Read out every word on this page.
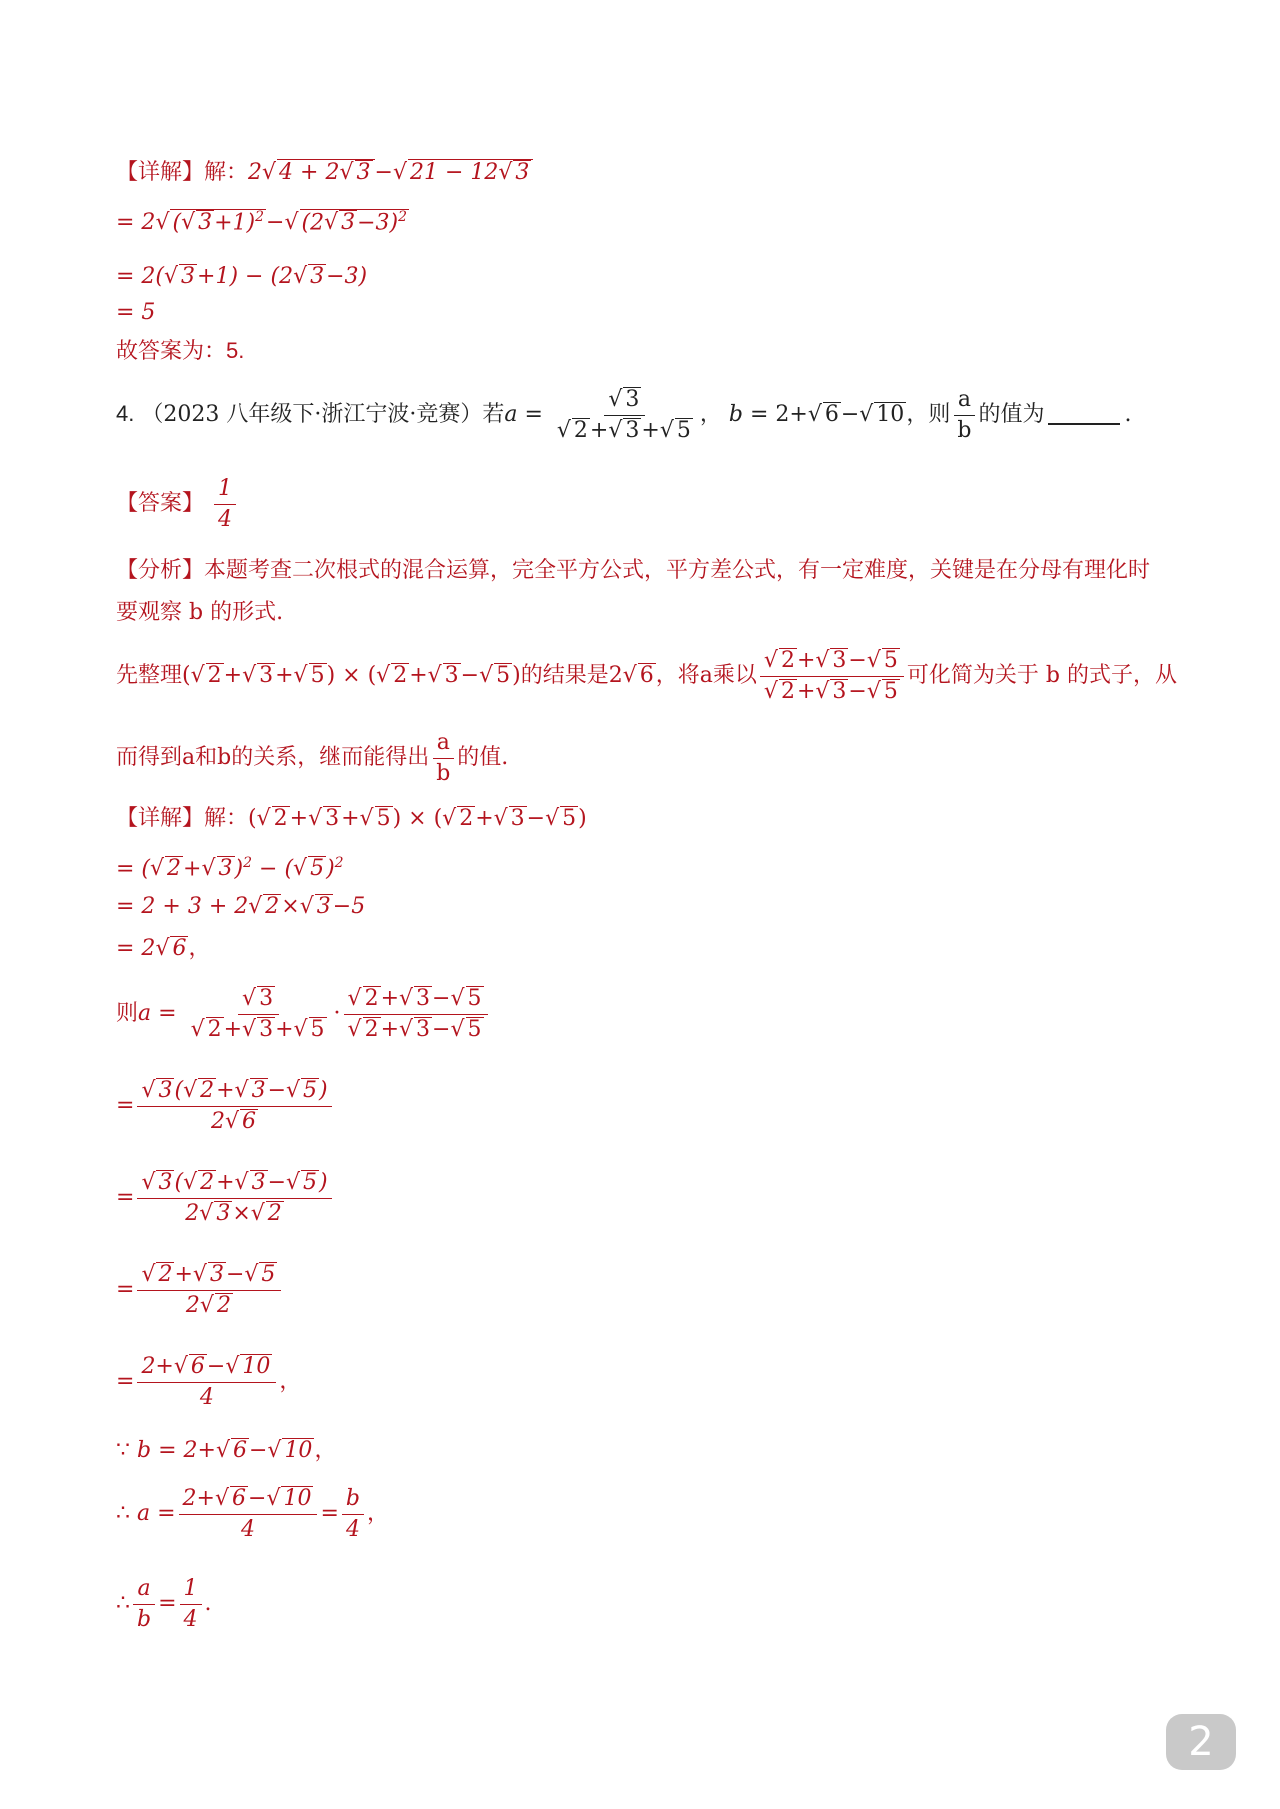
【详解】解：2√ 4 + 2√ 3 −√ 21 − 12√ 3
= 2√ (√ 3+1)$^2$−√ (2√ 3−3)$^2$
= 2(√ 3+1) − (2√ 3−3)
= 5
故答案为：5.
4. （2023 八年级下·浙江宁波·竞赛）若$a = \frac{√ 3}{√ 2+√ 3+√ 5}$ ， b = 2+√ 6−√ 10，则 $\frac{a}{b}$ 的值为	.
【答案】 $\frac{1}{4}$
【分析】本题考查二次根式的混合运算，完全平方公式，平方差公式，有一定难度，关键是在分母有理化时
要观察 b 的形式.
先整理(√ 2+√ 3+√ 5) × (√ 2+√ 3−√ 5)的结果是2√ 6，将a乘以 $\frac{√ 2+√ 3-√ 5}{√ 2+√ 3-√ 5}$ 可化简为关于 b 的式子，从
而得到a和b的关系，继而能得出 $\frac{a}{b}$ 的值.
【详解】解：(√ 2+√ 3+√ 5) × (√ 2+√ 3−√ 5)
= (√ 2+√ 3)$^2$ − (√ 5)$^2$
= 2 + 3 + 2√ 2×√ 3−5
= 2√ 6，
则$a = \frac{√ 3}{√ 2+√ 3+√ 5} \cdot \frac{√ 2+√ 3-√ 5}{√ 2+√ 3-√ 5}$
= $\frac{√ 3(√ 2+√ 3-√ 5)}{2√ 6}$
= $\frac{√ 3(√ 2+√ 3-√ 5)}{2√ 3\times√ 2}$
= $\frac{√ 2+√ 3-√ 5}{2√ 2}$
= $\frac{2+√ 6-√ 10}{4}$ ，
∵ b = 2+√ 6−√ 10，
∴ $a = \frac{2+√ 6-√ 10}{4} = \frac{b}{4}$ ，
∴ $\frac{a}{b} = \frac{1}{4}$ .
2
